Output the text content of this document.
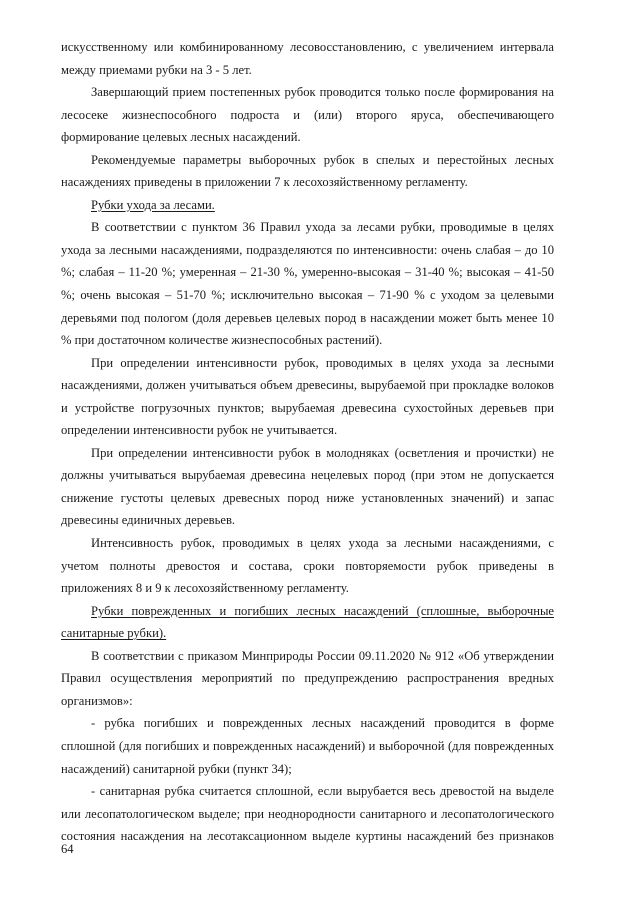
искусственному или комбинированному лесовосстановлению, с увеличением интервала между приемами рубки на 3 - 5 лет.

Завершающий прием постепенных рубок проводится только после формирования на лесосеке жизнеспособного подроста и (или) второго яруса, обеспечивающего формирование целевых лесных насаждений.

Рекомендуемые параметры выборочных рубок в спелых и перестойных лесных насаждениях приведены в приложении 7 к лесохозяйственному регламенту.

Рубки ухода за лесами.

В соответствии с пунктом 36 Правил ухода за лесами рубки, проводимые в целях ухода за лесными насаждениями, подразделяются по интенсивности: очень слабая – до 10 %; слабая – 11-20 %; умеренная – 21-30 %, умеренно-высокая – 31-40 %; высокая – 41-50 %; очень высокая – 51-70 %; исключительно высокая – 71-90 % с уходом за целевыми деревьями под пологом (доля деревьев целевых пород в насаждении может быть менее 10 % при достаточном количестве жизнеспособных растений).

При определении интенсивности рубок, проводимых в целях ухода за лесными насаждениями, должен учитываться объем древесины, вырубаемой при прокладке волоков и устройстве погрузочных пунктов; вырубаемая древесина сухостойных деревьев при определении интенсивности рубок не учитывается.

При определении интенсивности рубок в молодняках (осветления и прочистки) не должны учитываться вырубаемая древесина нецелевых пород (при этом не допускается снижение густоты целевых древесных пород ниже установленных значений) и запас древесины единичных деревьев.

Интенсивность рубок, проводимых в целях ухода за лесными насаждениями, с учетом полноты древостоя и состава, сроки повторяемости рубок приведены в приложениях 8 и 9 к лесохозяйственному регламенту.

Рубки поврежденных и погибших лесных насаждений (сплошные, выборочные санитарные рубки).

В соответствии с приказом Минприроды России 09.11.2020 № 912 «Об утверждении Правил осуществления мероприятий по предупреждению распространения вредных организмов»:

- рубка погибших и поврежденных лесных насаждений проводится в форме сплошной (для погибших и поврежденных насаждений) и выборочной (для поврежденных насаждений) санитарной рубки (пункт 34);

- санитарная рубка считается сплошной, если вырубается весь древостой на выделе или лесопатологическом выделе; при неоднородности санитарного и лесопатологического состояния насаждения на лесотаксационном выделе куртины насаждений без признаков

64
